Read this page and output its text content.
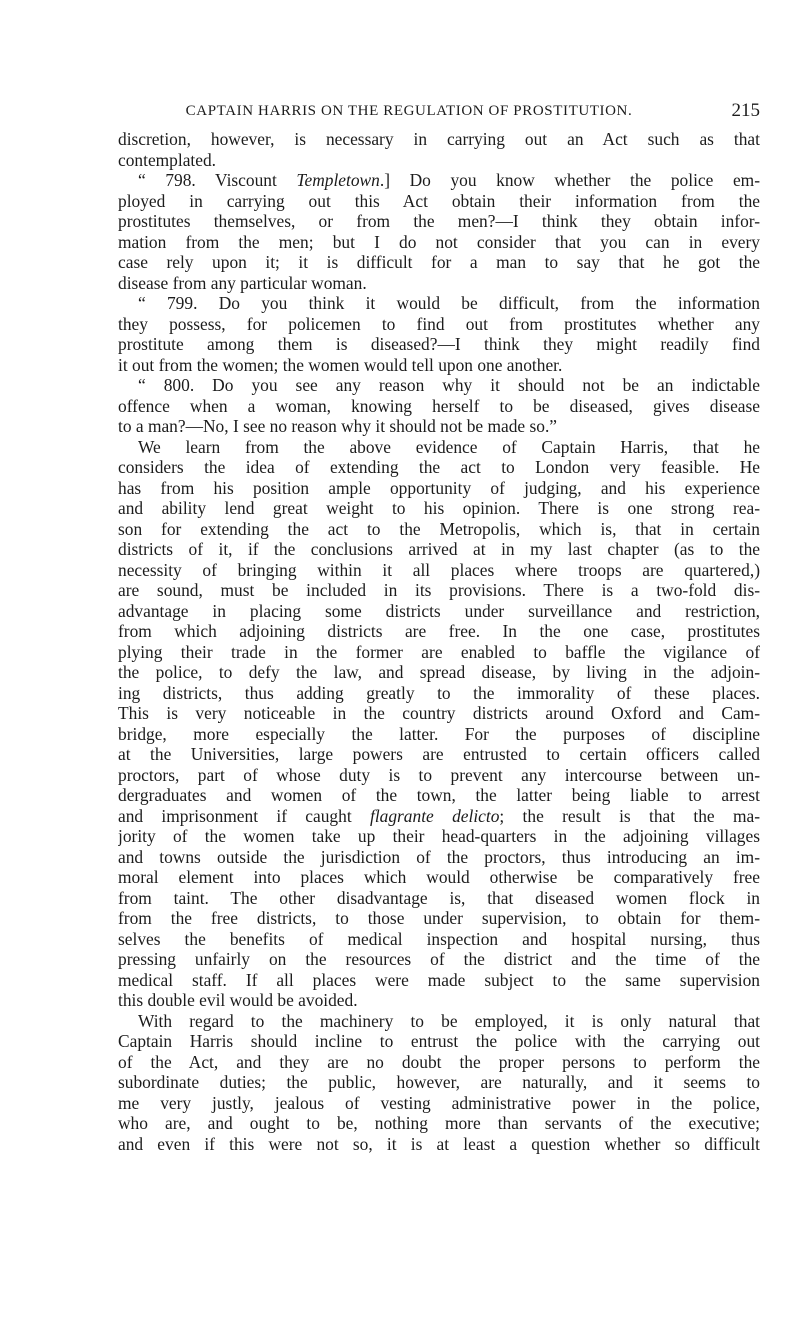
CAPTAIN HARRIS ON THE REGULATION OF PROSTITUTION.	215
discretion, however, is necessary in carrying out an Act such as that
contemplated.
“ 798. Viscount Templetown.] Do you know whether the police em-
ployed in carrying out this Act obtain their information from the
prostitutes themselves, or from the men?—I think they obtain infor-
mation from the men; but I do not consider that you can in every
case rely upon it; it is difficult for a man to say that he got the
disease from any particular woman.
“ 799. Do you think it would be difficult, from the information
they possess, for policemen to find out from prostitutes whether any
prostitute among them is diseased?—I think they might readily find
it out from the women; the women would tell upon one another.
“ 800. Do you see any reason why it should not be an indictable
offence when a woman, knowing herself to be diseased, gives disease
to a man?—No, I see no reason why it should not be made so.”
We learn from the above evidence of Captain Harris, that he
considers the idea of extending the act to London very feasible. He
has from his position ample opportunity of judging, and his experience
and ability lend great weight to his opinion. There is one strong rea-
son for extending the act to the Metropolis, which is, that in certain
districts of it, if the conclusions arrived at in my last chapter (as to the
necessity of bringing within it all places where troops are quartered,)
are sound, must be included in its provisions. There is a two-fold dis-
advantage in placing some districts under surveillance and restriction,
from which adjoining districts are free. In the one case, prostitutes
plying their trade in the former are enabled to baffle the vigilance of
the police, to defy the law, and spread disease, by living in the adjoin-
ing districts, thus adding greatly to the immorality of these places.
This is very noticeable in the country districts around Oxford and Cam-
bridge, more especially the latter. For the purposes of discipline
at the Universities, large powers are entrusted to certain officers called
proctors, part of whose duty is to prevent any intercourse between un-
dergraduates and women of the town, the latter being liable to arrest
and imprisonment if caught flagrante delicto; the result is that the ma-
jority of the women take up their head-quarters in the adjoining villages
and towns outside the jurisdiction of the proctors, thus introducing an im-
moral element into places which would otherwise be comparatively free
from taint. The other disadvantage is, that diseased women flock in
from the free districts, to those under supervision, to obtain for them-
selves the benefits of medical inspection and hospital nursing, thus
pressing unfairly on the resources of the district and the time of the
medical staff. If all places were made subject to the same supervision
this double evil would be avoided.
With regard to the machinery to be employed, it is only natural that
Captain Harris should incline to entrust the police with the carrying out
of the Act, and they are no doubt the proper persons to perform the
subordinate duties; the public, however, are naturally, and it seems to
me very justly, jealous of vesting administrative power in the police,
who are, and ought to be, nothing more than servants of the executive;
and even if this were not so, it is at least a question whether so difficult
